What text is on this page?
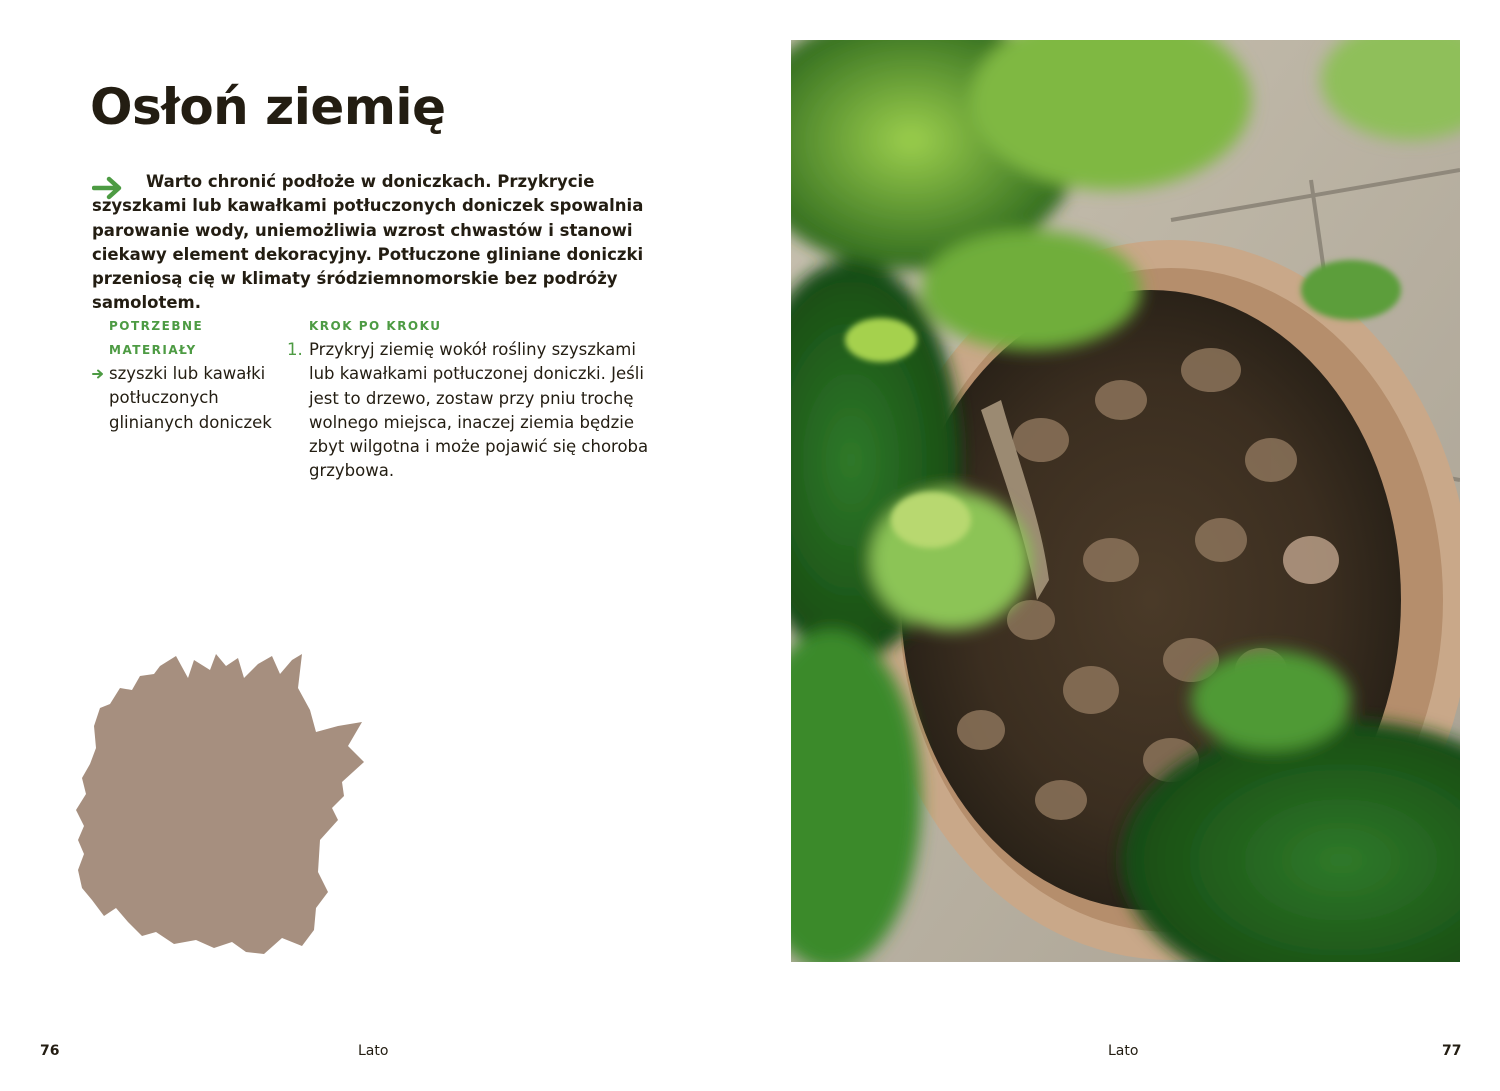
Osłoń ziemię

Warto chronić podłoże w doniczkach. Przykrycie szyszkami lub kawałkami potłuczonych doniczek spowalnia parowanie wody, uniemożliwia wzrost chwastów i stanowi ciekawy element dekoracyjny. Potłuczone gliniane doniczki przeniosą cię w klimaty śródziemnomorskie bez podróży samolotem.

POTRZEBNE
MATERIAŁY
szyszki lub kawałki potłuczonych glinianych doniczek
KROK PO KROKU
1. Przykryj ziemię wokół rośliny szyszkami lub kawałkami potłuczonej doniczki. Jeśli jest to drzewo, zostaw przy pniu trochę wolnego miejsca, inaczej ziemia będzie zbyt wilgotna i może pojawić się choroba grzybowa.

76	Lato	Lato	77
